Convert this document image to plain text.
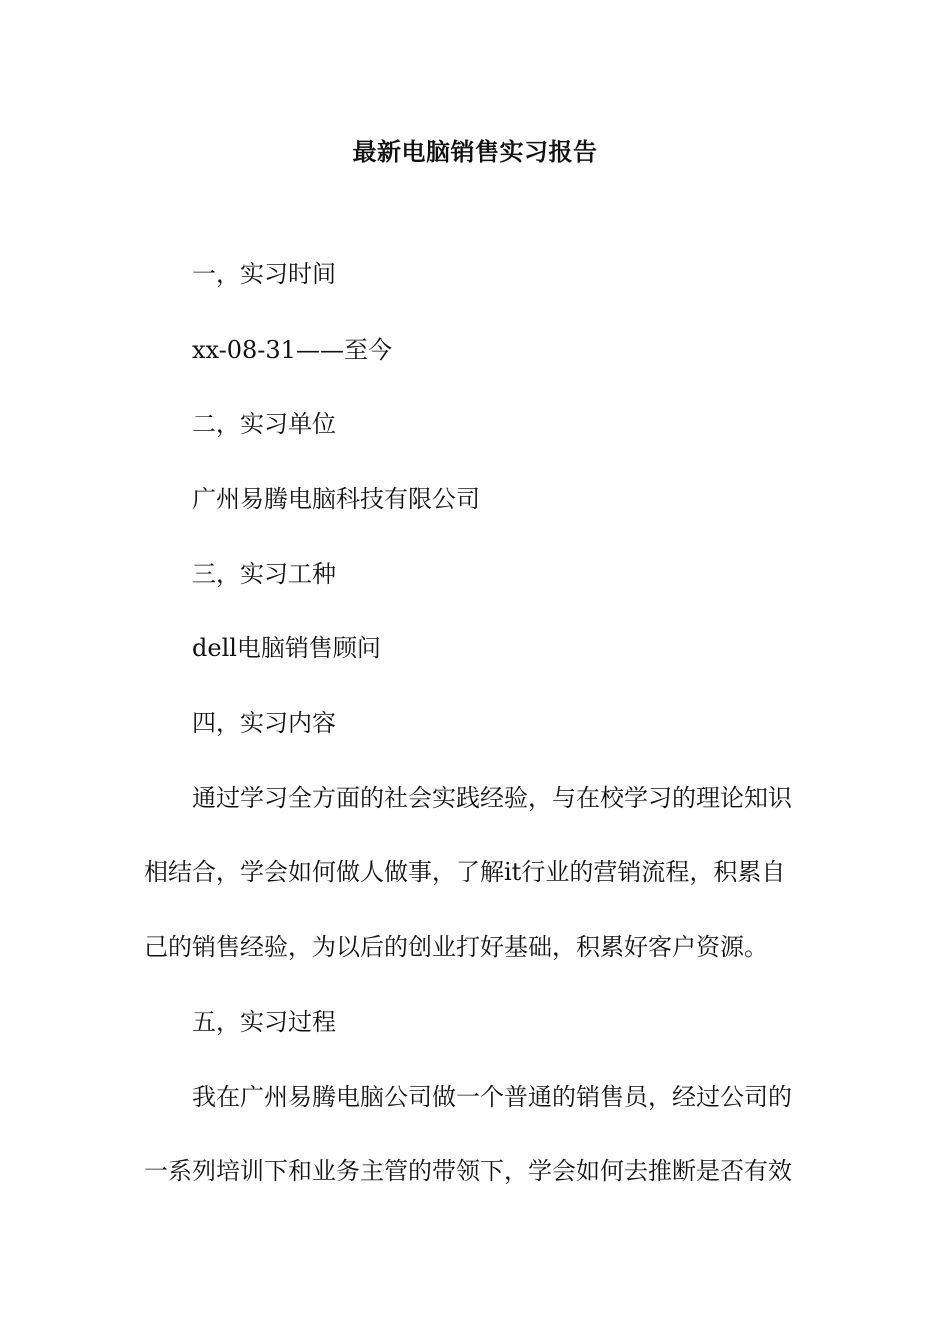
最新电脑销售实习报告
一，实习时间
xx-08-31——至今
二，实习单位
广州易腾电脑科技有限公司
三，实习工种
dell电脑销售顾问
四，实习内容
通过学习全方面的社会实践经验，与在校学习的理论知识
相结合，学会如何做人做事，了解it行业的营销流程，积累自
己的销售经验，为以后的创业打好基础，积累好客户资源。
五，实习过程
我在广州易腾电脑公司做一个普通的销售员，经过公司的
一系列培训下和业务主管的带领下，学会如何去推断是否有效
